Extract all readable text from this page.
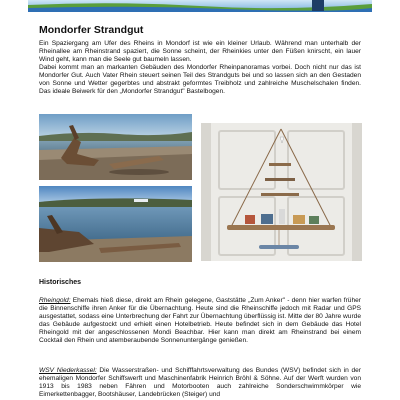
Mondorfer Strandgut
Ein Spaziergang am Ufer des Rheins in Mondorf ist wie ein kleiner Urlaub. Während man unterhalb der Rheinallee am Rheinstrand spaziert, die Sonne scheint, der Rheinkies unter den Füßen knirscht, ein lauer Wind geht, kann man die Seele gut baumeln lassen.
Dabei kommt man an markanten Gebäuden des Mondorfer Rheinpanoramas vorbei. Doch nicht nur das ist Mondorfer Gut. Auch Vater Rhein steuert seinen Teil des Strandguts bei und so lassen sich an den Gestaden von Sonne und Wetter gegerbtes und abstrakt geformtes Treibholz und zahlreiche Muschelschalen finden. Das ideale Beiwerk für den „Mondorfer Strandgut" Bastelbogen.
Historisches
Rheingold: Ehemals hieß diese, direkt am Rhein gelegene, Gaststätte „Zum Anker" - denn hier warfen früher die Binnenschiffe ihren Anker für die Übernachtung. Heute sind die Rheinschiffe jedoch mit Radar und GPS ausgestattet, sodass eine Unterbrechung der Fahrt zur Übernachtung überflüssig ist. Mitte der 80 Jahre wurde das Gebäude aufgestockt und erhielt einen Hotelbetrieb. Heute befindet sich in dem Gebäude das Hotel Rheingold mit der angeschlossenen Mondi Beachbar. Hier kann man direkt am Rheinstrand bei einem Cocktail den Rhein und atemberaubende Sonnenuntergänge genießen.
WSV Niederkassel: Die Wasserstraßen- und Schifffahrtsverwaltung des Bundes (WSV) befindet sich in der ehemaligen Mondorfer Schiffswerft und Maschinenfabrik Heinrich Bröhl & Söhne. Auf der Werft wurden von 1913 bis 1983 neben Fähren und Motorbooten auch zahlreiche Sonderschwimmkörper wie Eimerkettenbagger, Bootshäuser, Landebrücken (Steiger) und
